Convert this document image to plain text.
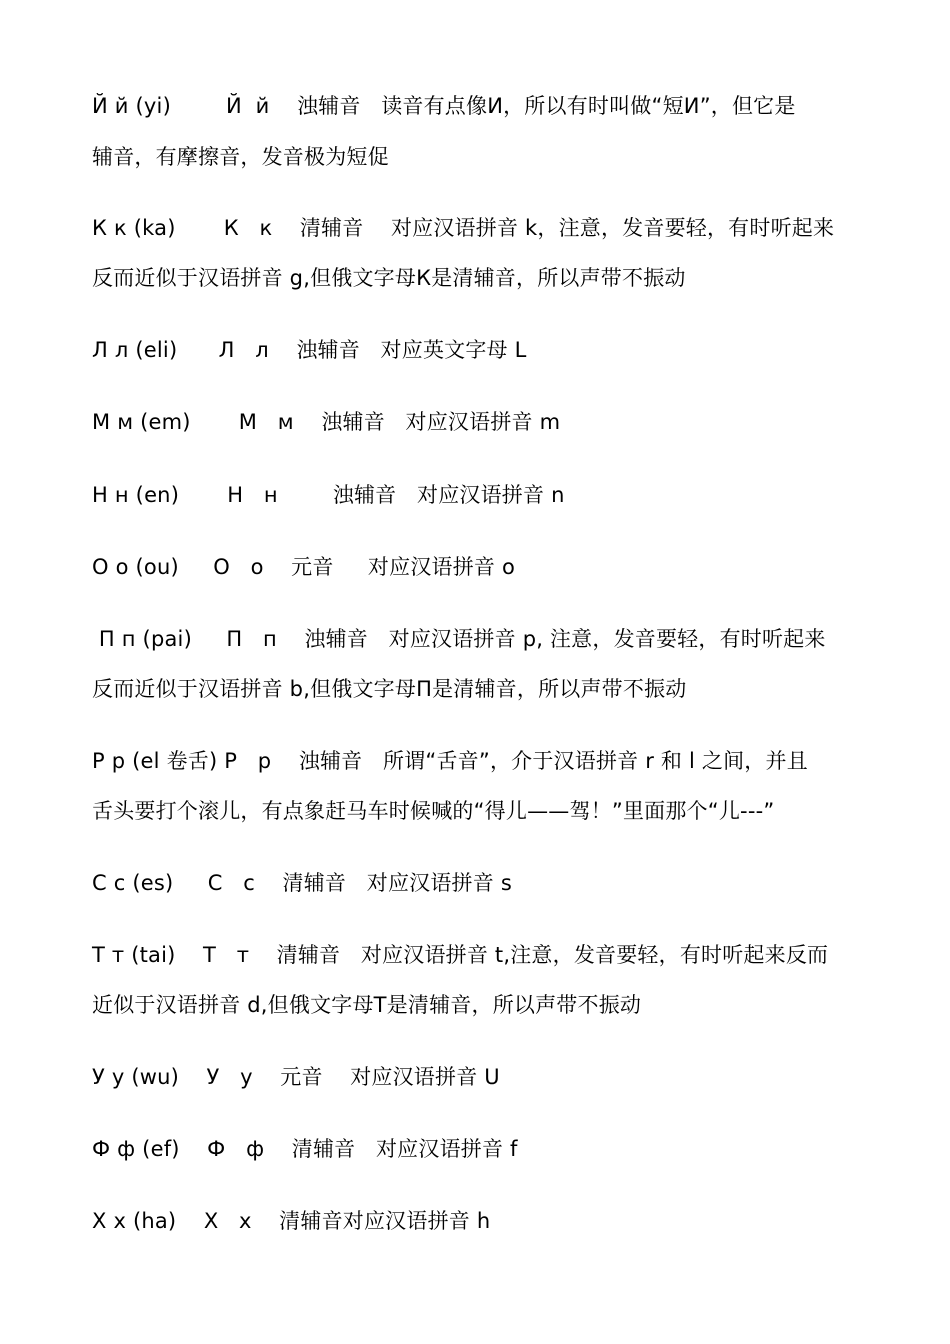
Й й (yi)        Й  й    浊辅音   读音有点像И，所以有时叫做“短И”，但它是
辅音，有摩擦音，发音极为短促
К к (ka)       К   к    清辅音    对应汉语拼音 k，注意，发音要轻，有时听起来
反而近似于汉语拼音 g,但俄文字母К是清辅音，所以声带不振动
Л л (eli)      Л   л    浊辅音   对应英文字母 L
М м (em)       М   м    浊辅音   对应汉语拼音 m
Н н (en)       Н   н        浊辅音   对应汉语拼音 n
О о (ou)     О   о    元音     对应汉语拼音 o
П п (pai)     П   п    浊辅音   对应汉语拼音 p, 注意，发音要轻，有时听起来
反而近似于汉语拼音 b,但俄文字母П是清辅音，所以声带不振动
Р р (el 卷舌) Р   р    浊辅音   所谓“舌音”，介于汉语拼音 r 和 l 之间，并且
舌头要打个滚儿，有点象赶马车时候喊的“得儿——驾！”里面那个“儿---”
С с (es)     С   с    清辅音   对应汉语拼音 s
Т т (tai)    Т   т    清辅音   对应汉语拼音 t,注意，发音要轻，有时听起来反而
近似于汉语拼音 d,但俄文字母Т是清辅音，所以声带不振动
У у (wu)    У   у    元音    对应汉语拼音 U
Ф ф (ef)    Ф   ф    清辅音   对应汉语拼音 f
Х х (ha)    Х   х    清辅音对应汉语拼音 h
